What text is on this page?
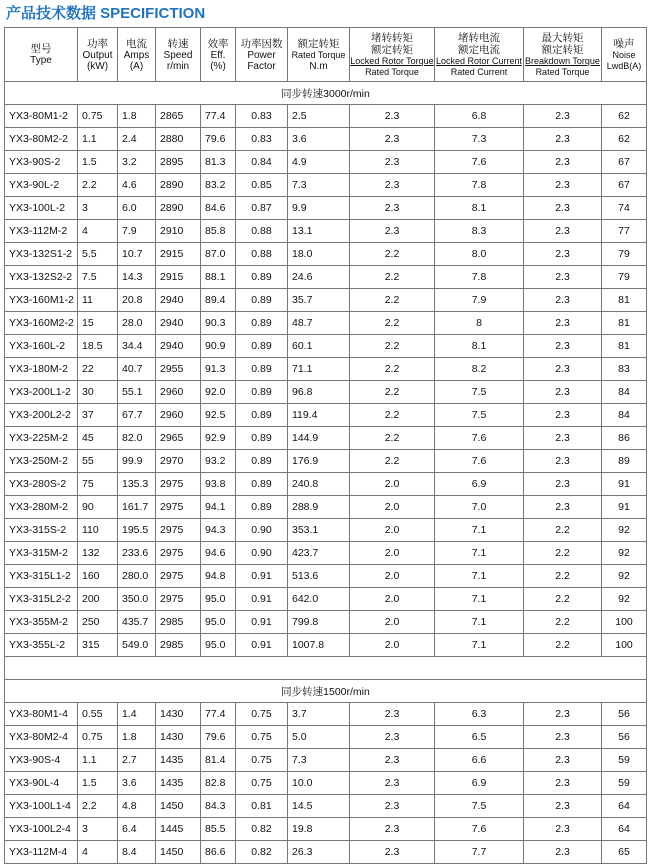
产品技术数据 SPECIFICTION
型号
Type	功率
Output
(kW)	电流
Amps
(A)	转速
Speed
r/min	效率
Eff.
(%)	功率因数
Power
Factor	额定转矩
Rated Torque
N.m	堵转转矩
额定转矩
Locked Rotor Torque
Rated Torque	堵转电流
额定电流
Locked Rotor Current
Rated Current	最大转矩
额定转矩
Breakdown Torque
Rated Torque	噪声
Noise
LwdB(A)

同步转速3000r/min										
YX3-80M1-2	0.75	1.8	2865	77.4	0.83	2.5	2.3	6.8	2.3	62
YX3-80M2-2	1.1	2.4	2880	79.6	0.83	3.6	2.3	7.3	2.3	62
YX3-90S-2	1.5	3.2	2895	81.3	0.84	4.9	2.3	7.6	2.3	67
YX3-90L-2	2.2	4.6	2890	83.2	0.85	7.3	2.3	7.8	2.3	67
YX3-100L-2	3	6.0	2890	84.6	0.87	9.9	2.3	8.1	2.3	74
YX3-112M-2	4	7.9	2910	85.8	0.88	13.1	2.3	8.3	2.3	77
YX3-132S1-2	5.5	10.7	2915	87.0	0.88	18.0	2.2	8.0	2.3	79
YX3-132S2-2	7.5	14.3	2915	88.1	0.89	24.6	2.2	7.8	2.3	79
YX3-160M1-2	11	20.8	2940	89.4	0.89	35.7	2.2	7.9	2.3	81
YX3-160M2-2	15	28.0	2940	90.3	0.89	48.7	2.2	8	2.3	81
YX3-160L-2	18.5	34.4	2940	90.9	0.89	60.1	2.2	8.1	2.3	81
YX3-180M-2	22	40.7	2955	91.3	0.89	71.1	2.2	8.2	2.3	83
YX3-200L1-2	30	55.1	2960	92.0	0.89	96.8	2.2	7.5	2.3	84
YX3-200L2-2	37	67.7	2960	92.5	0.89	119.4	2.2	7.5	2.3	84
YX3-225M-2	45	82.0	2965	92.9	0.89	144.9	2.2	7.6	2.3	86
YX3-250M-2	55	99.9	2970	93.2	0.89	176.9	2.2	7.6	2.3	89
YX3-280S-2	75	135.3	2975	93.8	0.89	240.8	2.0	6.9	2.3	91
YX3-280M-2	90	161.7	2975	94.1	0.89	288.9	2.0	7.0	2.3	91
YX3-315S-2	110	195.5	2975	94.3	0.90	353.1	2.0	7.1	2.2	92
YX3-315M-2	132	233.6	2975	94.6	0.90	423.7	2.0	7.1	2.2	92
YX3-315L1-2	160	280.0	2975	94.8	0.91	513.6	2.0	7.1	2.2	92
YX3-315L2-2	200	350.0	2975	95.0	0.91	642.0	2.0	7.1	2.2	92
YX3-355M-2	250	435.7	2985	95.0	0.91	799.8	2.0	7.1	2.2	100
YX3-355L-2	315	549.0	2985	95.0	0.91	1007.8	2.0	7.1	2.2	100

同步转速1500r/min										
YX3-80M1-4	0.55	1.4	1430	77.4	0.75	3.7	2.3	6.3	2.3	56
YX3-80M2-4	0.75	1.8	1430	79.6	0.75	5.0	2.3	6.5	2.3	56
YX3-90S-4	1.1	2.7	1435	81.4	0.75	7.3	2.3	6.6	2.3	59
YX3-90L-4	1.5	3.6	1435	82.8	0.75	10.0	2.3	6.9	2.3	59
YX3-100L1-4	2.2	4.8	1450	84.3	0.81	14.5	2.3	7.5	2.3	64
YX3-100L2-4	3	6.4	1445	85.5	0.82	19.8	2.3	7.6	2.3	64
YX3-112M-4	4	8.4	1450	86.6	0.82	26.3	2.3	7.7	2.3	65
